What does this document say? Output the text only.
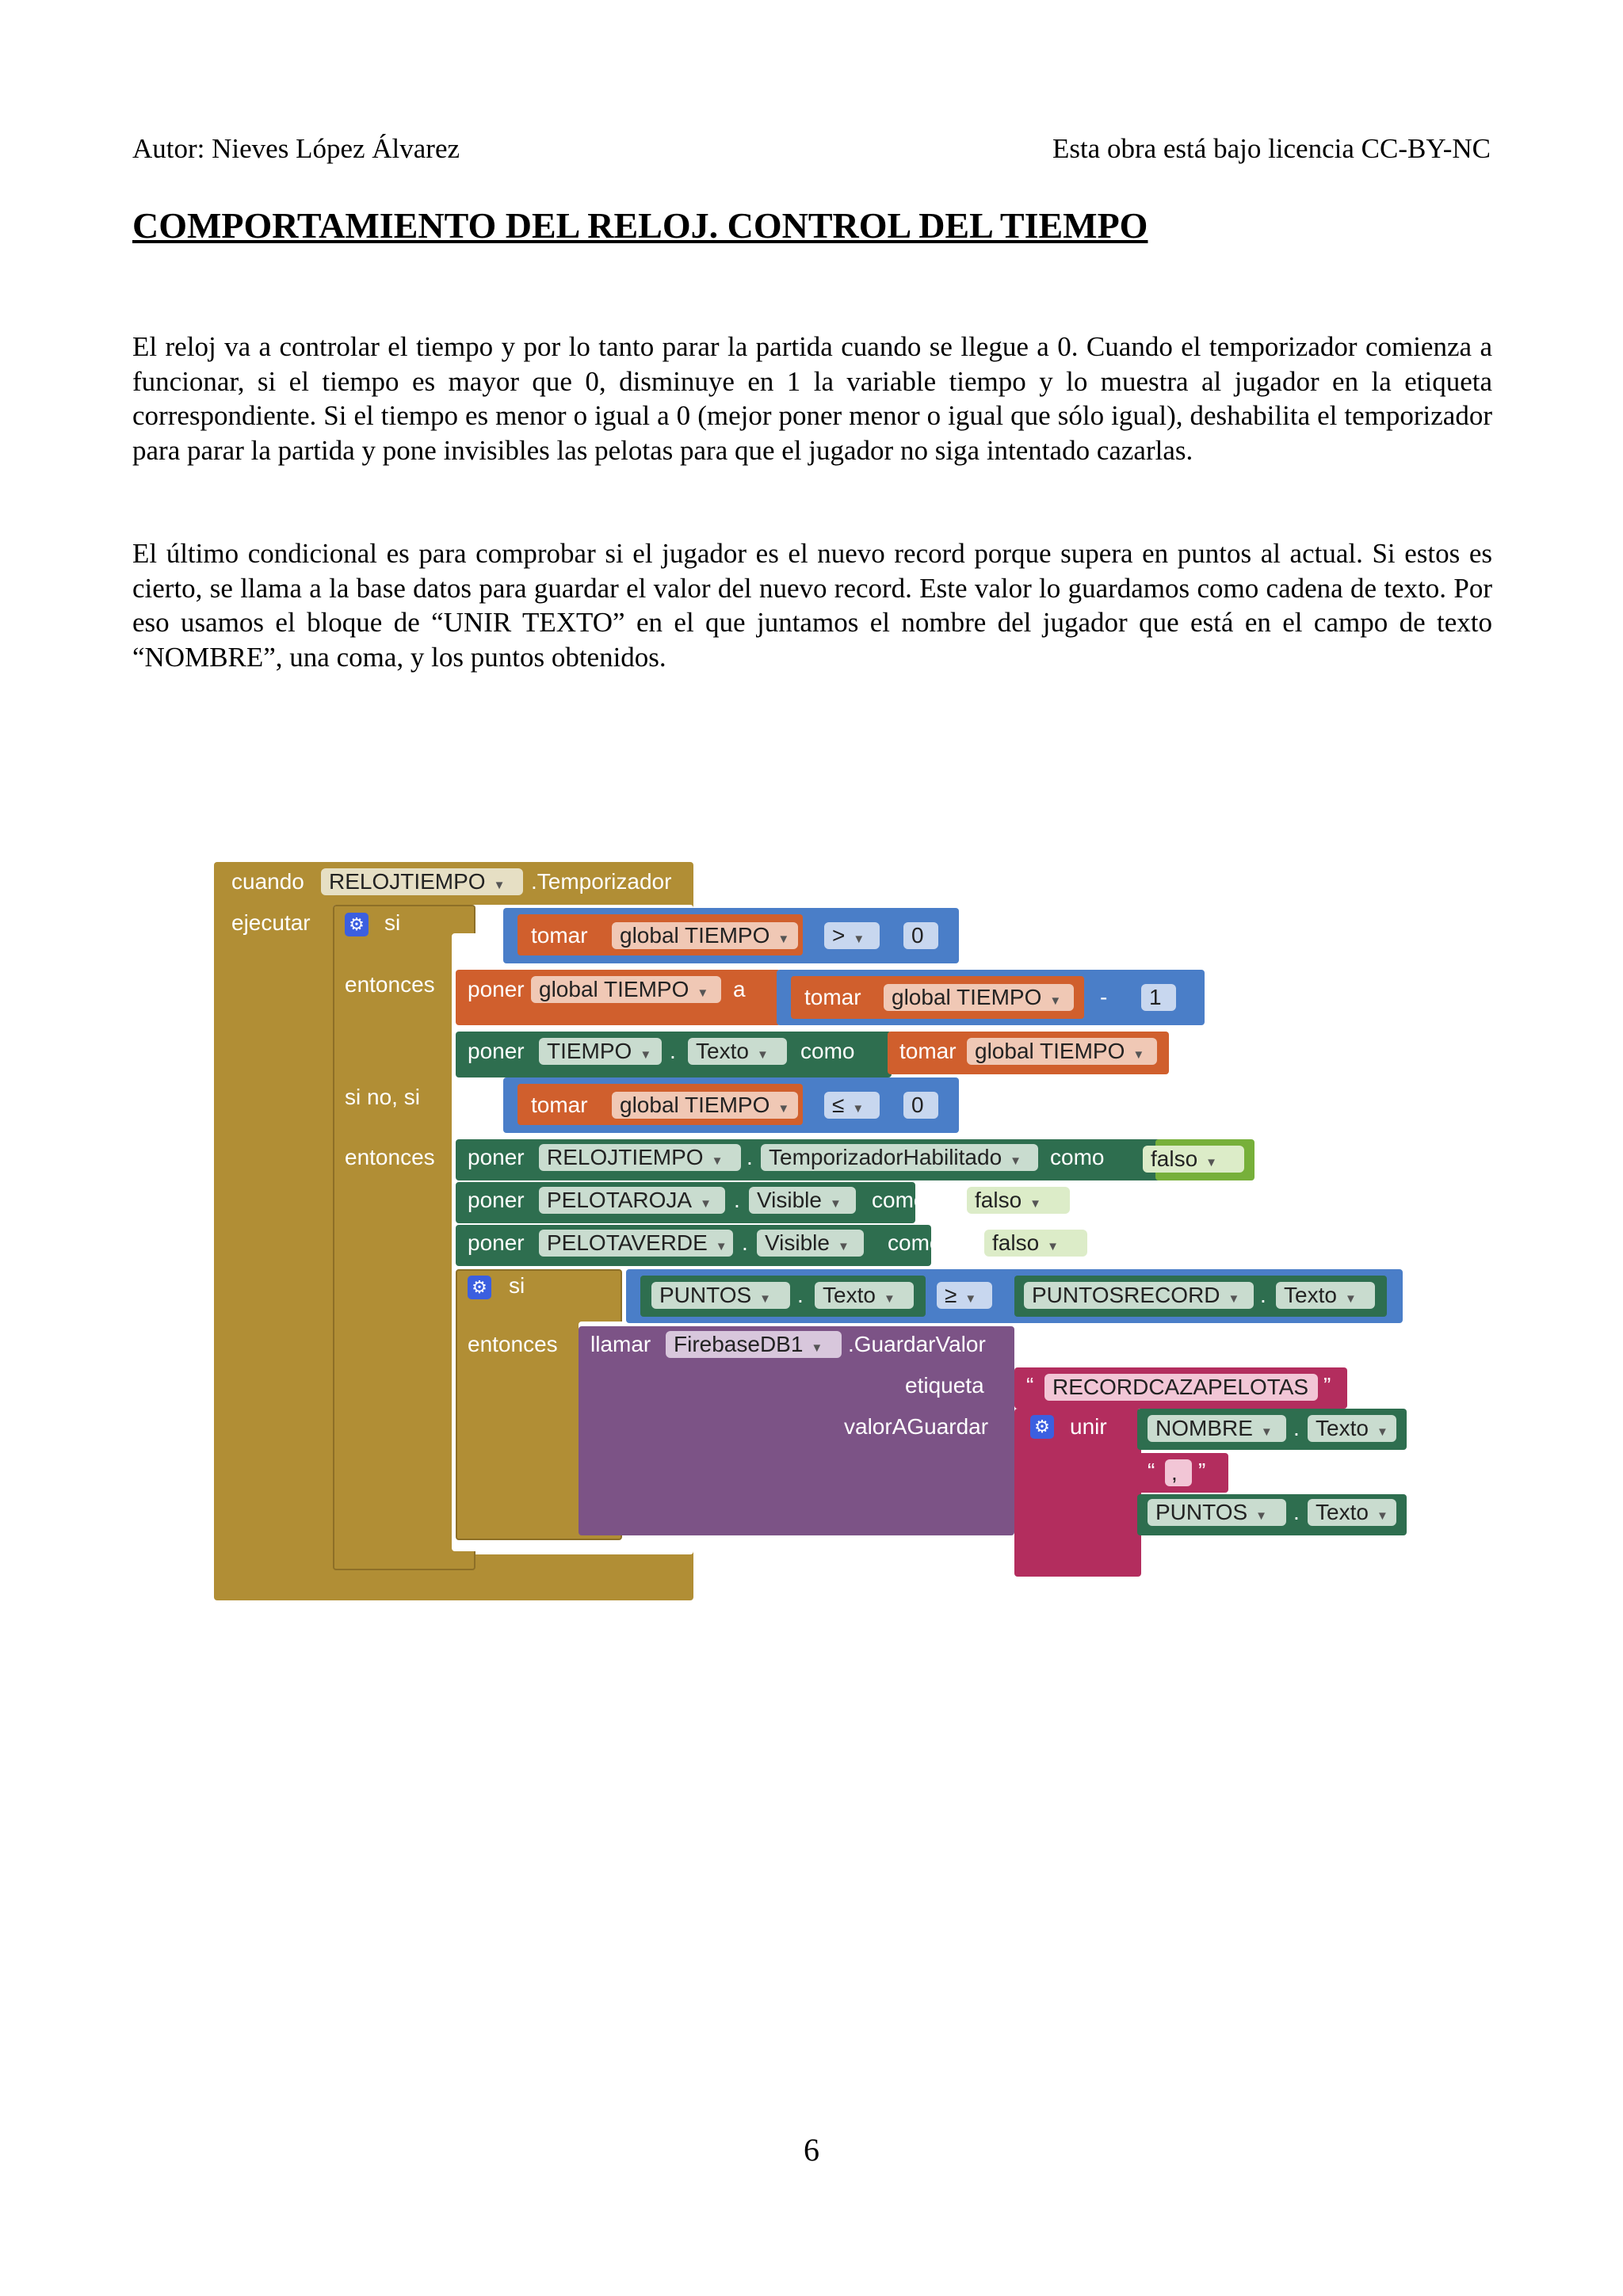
Autor: Nieves López Álvarez	Esta obra está bajo licencia CC-BY-NC
COMPORTAMIENTO DEL RELOJ. CONTROL DEL TIEMPO
El reloj va a controlar el tiempo y por lo tanto parar la partida cuando se llegue a 0. Cuando el temporizador comienza a funcionar, si el tiempo es mayor que 0, disminuye en 1 la variable tiempo y lo muestra al jugador en la etiqueta correspondiente. Si el tiempo es menor o igual a 0 (mejor poner menor o igual que sólo igual), deshabilita el temporizador para parar la partida y pone invisibles las pelotas para que el jugador no siga intentado cazarlas.
El último condicional es para comprobar si el jugador es el nuevo record porque supera en puntos al actual. Si estos es cierto, se llama a la base datos para guardar el valor del nuevo record. Este valor lo guardamos como cadena de texto. Por eso usamos el bloque de “UNIR TEXTO” en el que juntamos el nombre del jugador que está en el campo de texto “NOMBRE”, una coma, y los puntos obtenidos.
cuando	RELOJTIEMPO ▼	.Temporizador
ejecutar ⚙ si
entonces
si no, si
entonces
tomar	global TIEMPO ▼	> ▼	0
poner global TIEMPO ▼	a	tomar	global TIEMPO ▼	-	1
poner	TIEMPO ▼ . Texto ▼	como tomar global TIEMPO ▼
tomar	global TIEMPO ▼	≤ ▼	0
poner	RELOJTIEMPO ▼	. TemporizadorHabilitado ▼	como	falso ▼
poner	PELOTAROJA ▼	. Visible ▼	como	falso ▼
poner	PELOTAVERDE ▼ . Visible ▼	como	falso ▼
⚙ si
entonces
PUNTOS ▼	. Texto ▼	≥ ▼	PUNTOSRECORD ▼ . Texto ▼
llamar	FirebaseDB1 ▼	.GuardarValor
etiqueta
valorAGuardar
“ RECORDCAZAPELOTAS ”
⚙ unir	NOMBRE ▼ . Texto ▼
“ , ”
PUNTOS ▼	. Texto ▼
6
